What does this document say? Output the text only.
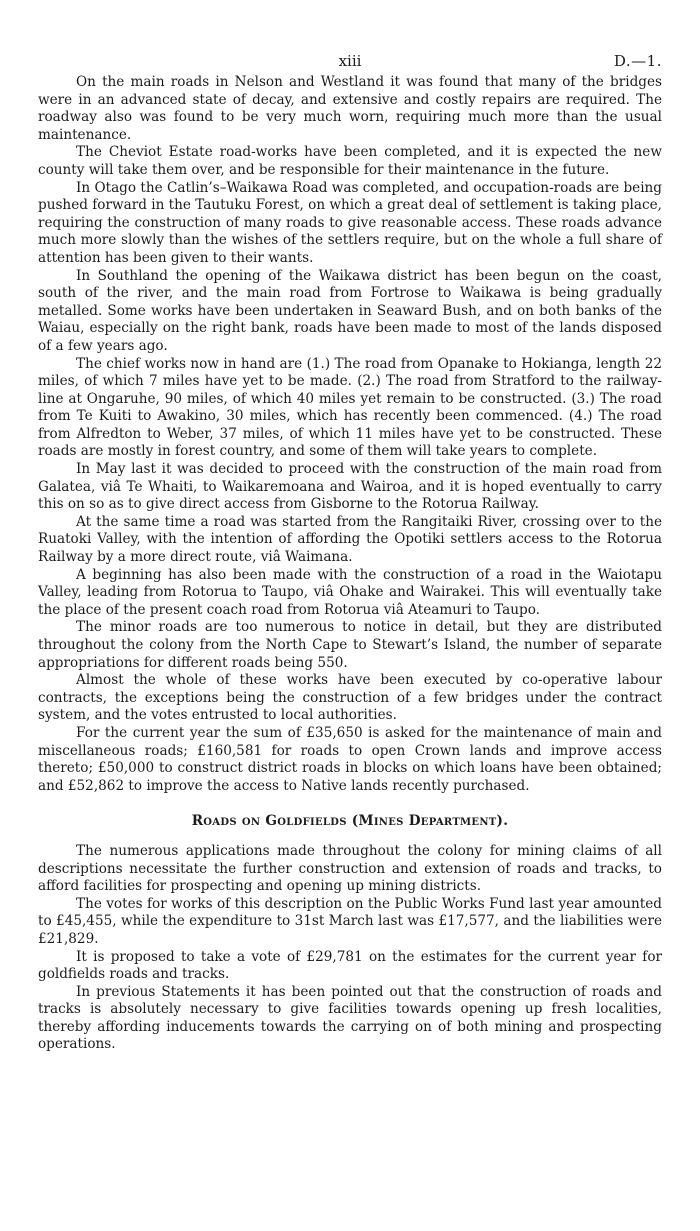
xiii	D.—1.

On the main roads in Nelson and Westland it was found that many of the bridges were in an advanced state of decay, and extensive and costly repairs are required. The roadway also was found to be very much worn, requiring much more than the usual maintenance.

The Cheviot Estate road-works have been completed, and it is expected the new county will take them over, and be responsible for their maintenance in the future.

In Otago the Catlin’s–Waikawa Road was completed, and occupation-roads are being pushed forward in the Tautuku Forest, on which a great deal of settlement is taking place, requiring the construction of many roads to give reasonable access. These roads advance much more slowly than the wishes of the settlers require, but on the whole a full share of attention has been given to their wants.

In Southland the opening of the Waikawa district has been begun on the coast, south of the river, and the main road from Fortrose to Waikawa is being gradually metalled. Some works have been undertaken in Seaward Bush, and on both banks of the Waiau, especially on the right bank, roads have been made to most of the lands disposed of a few years ago.

The chief works now in hand are (1.) The road from Opanake to Hokianga, length 22 miles, of which 7 miles have yet to be made. (2.) The road from Stratford to the railway-line at Ongaruhe, 90 miles, of which 40 miles yet remain to be constructed. (3.) The road from Te Kuiti to Awakino, 30 miles, which has recently been commenced. (4.) The road from Alfredton to Weber, 37 miles, of which 11 miles have yet to be constructed. These roads are mostly in forest country, and some of them will take years to complete.

In May last it was decided to proceed with the construction of the main road from Galatea, viâ Te Whaiti, to Waikaremoana and Wairoa, and it is hoped eventually to carry this on so as to give direct access from Gisborne to the Rotorua Railway.

At the same time a road was started from the Rangitaiki River, crossing over to the Ruatoki Valley, with the intention of affording the Opotiki settlers access to the Rotorua Railway by a more direct route, viâ Waimana.

A beginning has also been made with the construction of a road in the Waiotapu Valley, leading from Rotorua to Taupo, viâ Ohake and Wairakei. This will eventually take the place of the present coach road from Rotorua viâ Ateamuri to Taupo.

The minor roads are too numerous to notice in detail, but they are distributed throughout the colony from the North Cape to Stewart’s Island, the number of separate appropriations for different roads being 550.

Almost the whole of these works have been executed by co-operative labour contracts, the exceptions being the construction of a few bridges under the contract system, and the votes entrusted to local authorities.

For the current year the sum of £35,650 is asked for the maintenance of main and miscellaneous roads; £160,581 for roads to open Crown lands and improve access thereto; £50,000 to construct district roads in blocks on which loans have been obtained; and £52,862 to improve the access to Native lands recently purchased.

Roads on Goldfields (Mines Department).

The numerous applications made throughout the colony for mining claims of all descriptions necessitate the further construction and extension of roads and tracks, to afford facilities for prospecting and opening up mining districts.

The votes for works of this description on the Public Works Fund last year amounted to £45,455, while the expenditure to 31st March last was £17,577, and the liabilities were £21,829.

It is proposed to take a vote of £29,781 on the estimates for the current year for goldfields roads and tracks.

In previous Statements it has been pointed out that the construction of roads and tracks is absolutely necessary to give facilities towards opening up fresh localities, thereby affording inducements towards the carrying on of both mining and prospecting operations.
